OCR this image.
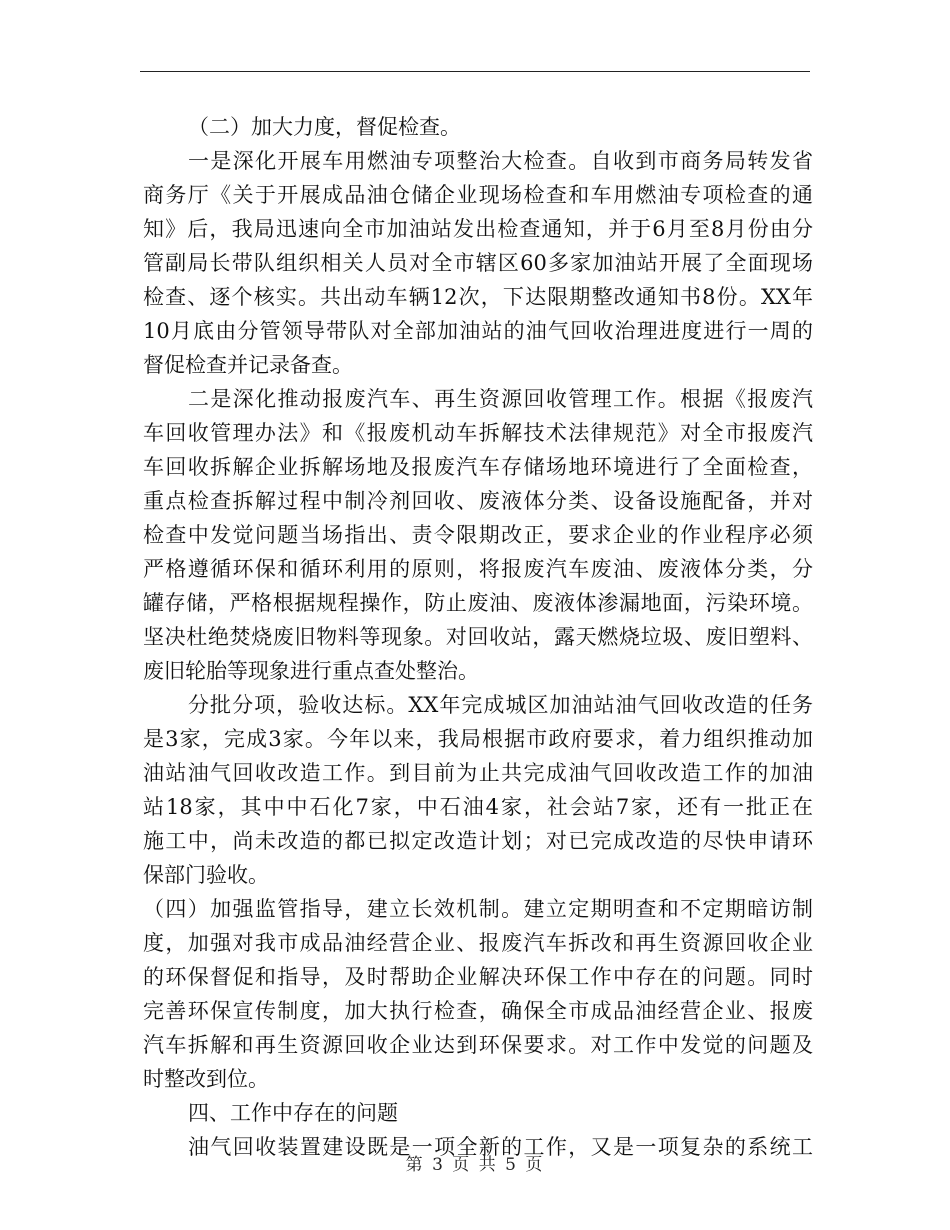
（二）加大力度，督促检查。
一是深化开展车用燃油专项整治大检查。自收到市商务局转发省
商务厅《关于开展成品油仓储企业现场检查和车用燃油专项检查的通
知》后，我局迅速向全市加油站发出检查通知，并于6月至8月份由分
管副局长带队组织相关人员对全市辖区60多家加油站开展了全面现场
检查、逐个核实。共出动车辆12次，下达限期整改通知书8份。XX年
10月底由分管领导带队对全部加油站的油气回收治理进度进行一周的
督促检查并记录备查。
二是深化推动报废汽车、再生资源回收管理工作。根据《报废汽
车回收管理办法》和《报废机动车拆解技术法律规范》对全市报废汽
车回收拆解企业拆解场地及报废汽车存储场地环境进行了全面检查，
重点检查拆解过程中制冷剂回收、废液体分类、设备设施配备，并对
检查中发觉问题当场指出、责令限期改正，要求企业的作业程序必须
严格遵循环保和循环利用的原则，将报废汽车废油、废液体分类，分
罐存储，严格根据规程操作，防止废油、废液体渗漏地面，污染环境。
坚决杜绝焚烧废旧物料等现象。对回收站，露天燃烧垃圾、废旧塑料、
废旧轮胎等现象进行重点查处整治。
分批分项，验收达标。XX年完成城区加油站油气回收改造的任务
是3家，完成3家。今年以来，我局根据市政府要求，着力组织推动加
油站油气回收改造工作。到目前为止共完成油气回收改造工作的加油
站18家，其中中石化7家，中石油4家，社会站7家，还有一批正在
施工中，尚未改造的都已拟定改造计划；对已完成改造的尽快申请环
保部门验收。
（四）加强监管指导，建立长效机制。建立定期明查和不定期暗访制
度，加强对我市成品油经营企业、报废汽车拆改和再生资源回收企业
的环保督促和指导，及时帮助企业解决环保工作中存在的问题。同时
完善环保宣传制度，加大执行检查，确保全市成品油经营企业、报废
汽车拆解和再生资源回收企业达到环保要求。对工作中发觉的问题及
时整改到位。
四、工作中存在的问题
油气回收装置建设既是一项全新的工作，又是一项复杂的系统工
第 3 页 共 5 页
